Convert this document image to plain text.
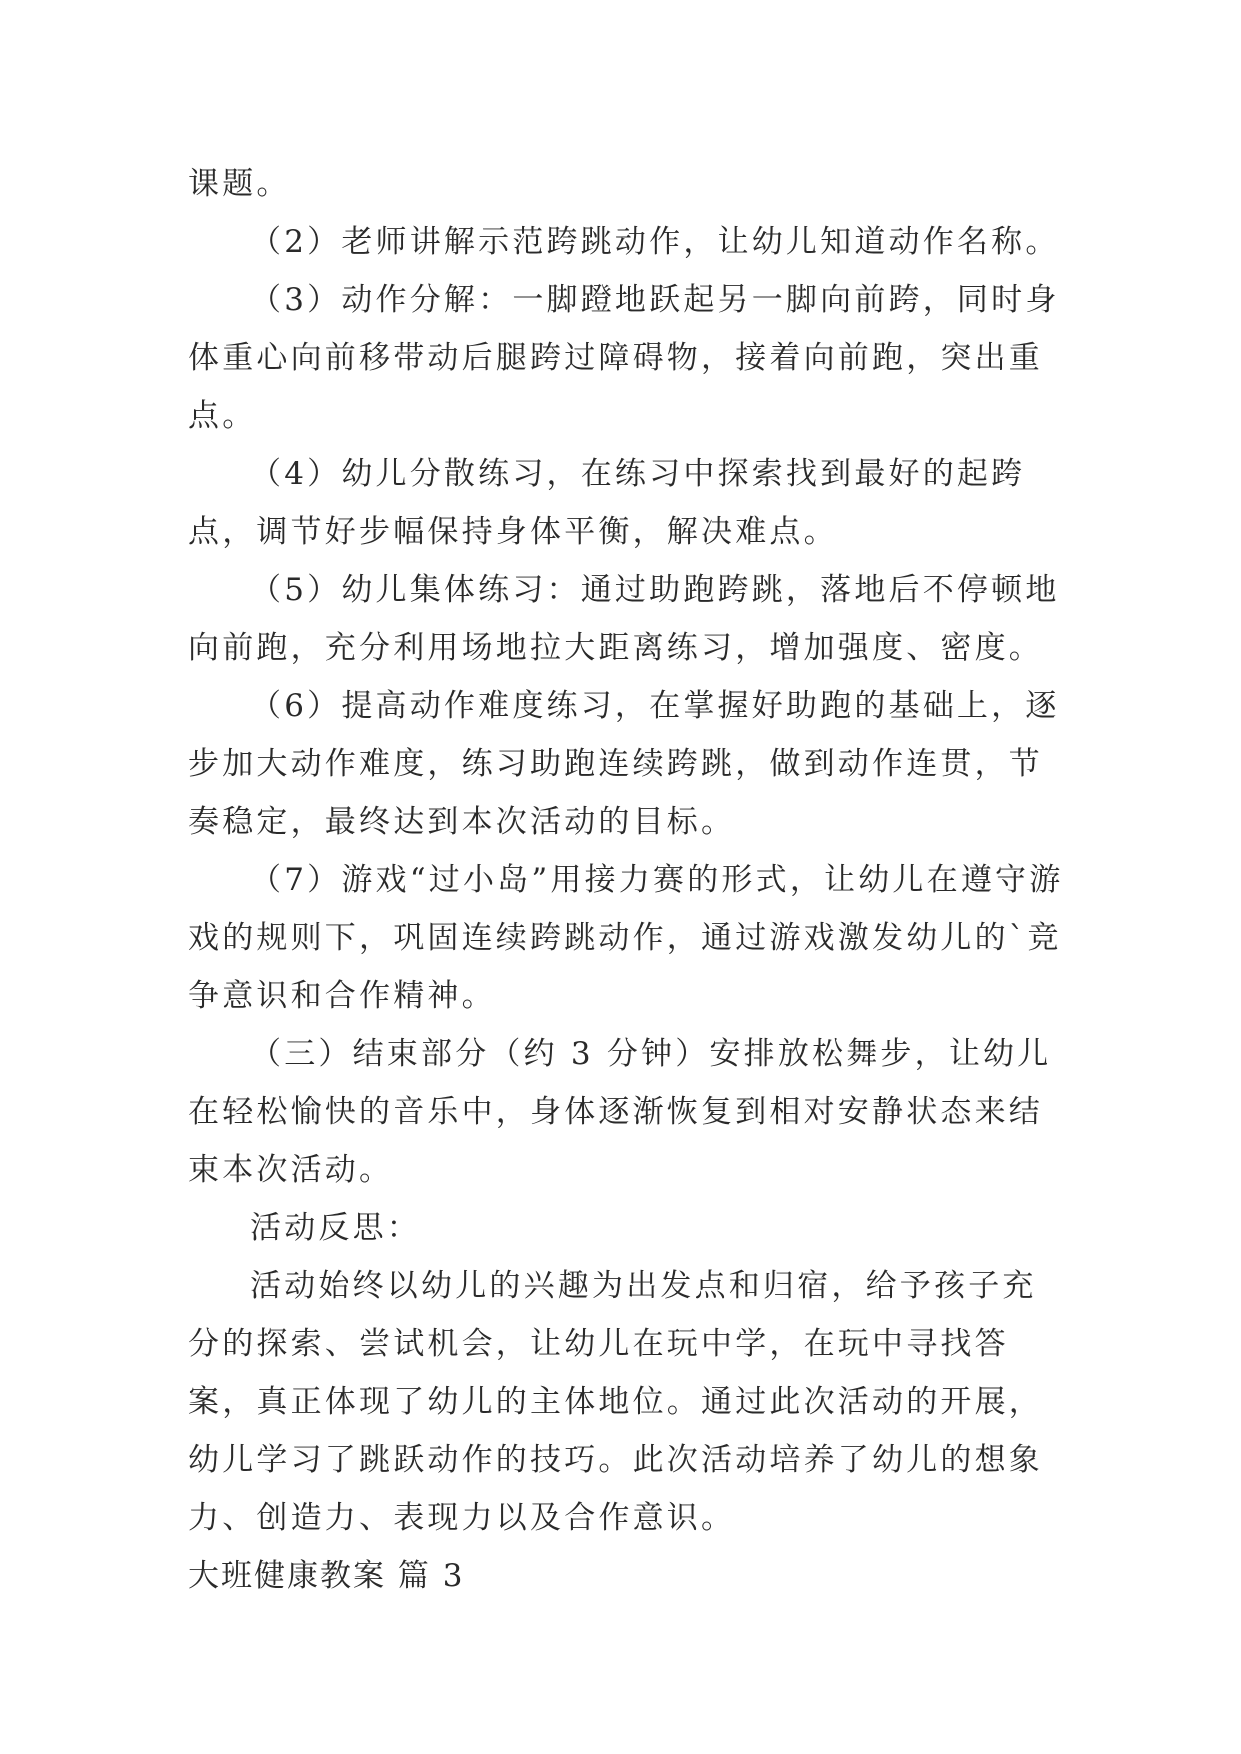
课题。

（2）老师讲解示范跨跳动作，让幼儿知道动作名称。

（3）动作分解：一脚蹬地跃起另一脚向前跨，同时身体重心向前移带动后腿跨过障碍物，接着向前跑，突出重点。

（4）幼儿分散练习，在练习中探索找到最好的起跨点，调节好步幅保持身体平衡，解决难点。

（5）幼儿集体练习：通过助跑跨跳，落地后不停顿地向前跑，充分利用场地拉大距离练习，增加强度、密度。

（6）提高动作难度练习，在掌握好助跑的基础上，逐步加大动作难度，练习助跑连续跨跳，做到动作连贯，节奏稳定，最终达到本次活动的目标。

（7）游戏“过小岛”用接力赛的形式，让幼儿在遵守游戏的规则下，巩固连续跨跳动作，通过游戏激发幼儿的`竞争意识和合作精神。

（三）结束部分（约 3 分钟）安排放松舞步，让幼儿在轻松愉快的音乐中，身体逐渐恢复到相对安静状态来结束本次活动。

活动反思：

活动始终以幼儿的兴趣为出发点和归宿，给予孩子充分的探索、尝试机会，让幼儿在玩中学，在玩中寻找答案，真正体现了幼儿的主体地位。通过此次活动的开展，幼儿学习了跳跃动作的技巧。此次活动培养了幼儿的想象力、创造力、表现力以及合作意识。

大班健康教案 篇 3
